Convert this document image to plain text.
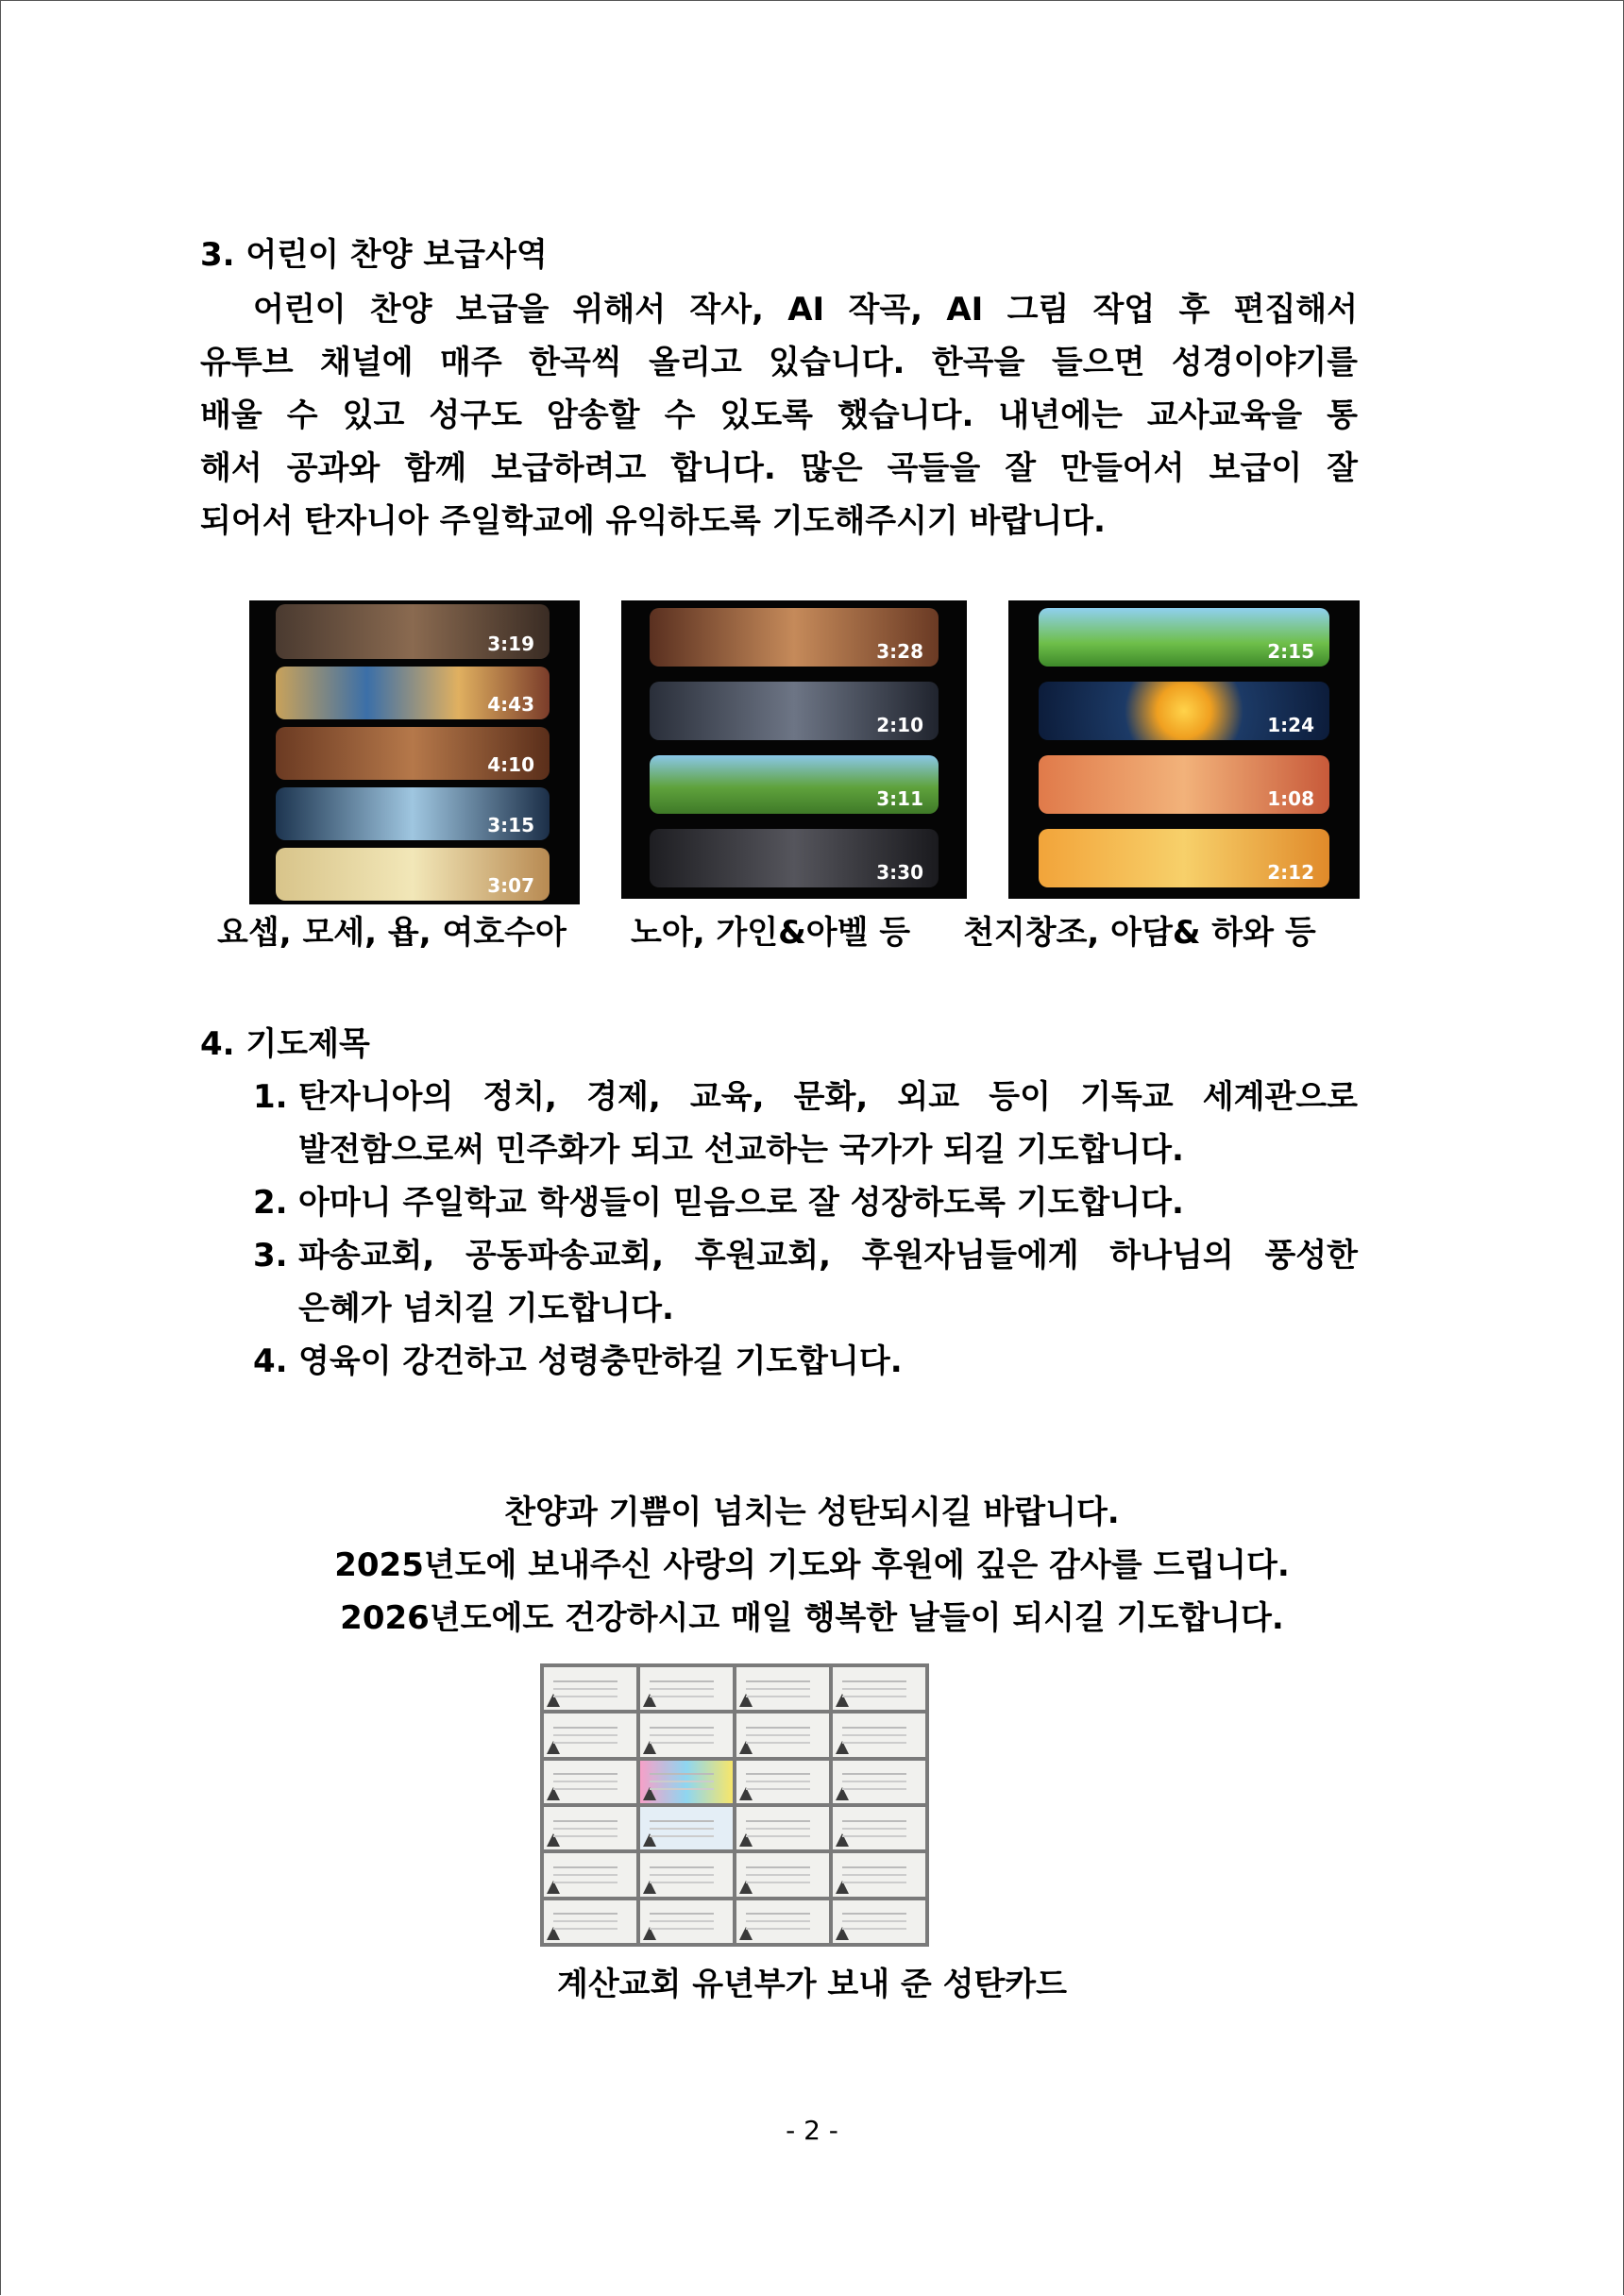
3. 어린이 찬양 보급사역
어린이 찬양 보급을 위해서 작사, AI 작곡, AI 그림 작업 후 편집해서
유투브 채널에 매주 한곡씩 올리고 있습니다. 한곡을 들으면 성경이야기를
배울 수 있고 성구도 암송할 수 있도록 했습니다. 내년에는 교사교육을 통
해서 공과와 함께 보급하려고 합니다. 많은 곡들을 잘 만들어서 보급이 잘
되어서 탄자니아 주일학교에 유익하도록 기도해주시기 바랍니다.
3:19
4:43
4:10
3:15
3:07
3:28
2:10
3:11
3:30
2:15
1:24
1:08
2:12
요셉, 모세, 욥, 여호수아 노아, 가인&아벨 등 천지창조, 아담& 하와 등
4. 기도제목
1. 탄자니아의 정치, 경제, 교육, 문화, 외교 등이 기독교 세계관으로
발전함으로써 민주화가 되고 선교하는 국가가 되길 기도합니다.
2. 아마니 주일학교 학생들이 믿음으로 잘 성장하도록 기도합니다.
3. 파송교회, 공동파송교회, 후원교회, 후원자님들에게 하나님의 풍성한
은혜가 넘치길 기도합니다.
4. 영육이 강건하고 성령충만하길 기도합니다.
찬양과 기쁨이 넘치는 성탄되시길 바랍니다.
2025년도에 보내주신 사랑의 기도와 후원에 깊은 감사를 드립니다.
2026년도에도 건강하시고 매일 행복한 날들이 되시길 기도합니다.
계산교회 유년부가 보내 준 성탄카드
- 2 -
